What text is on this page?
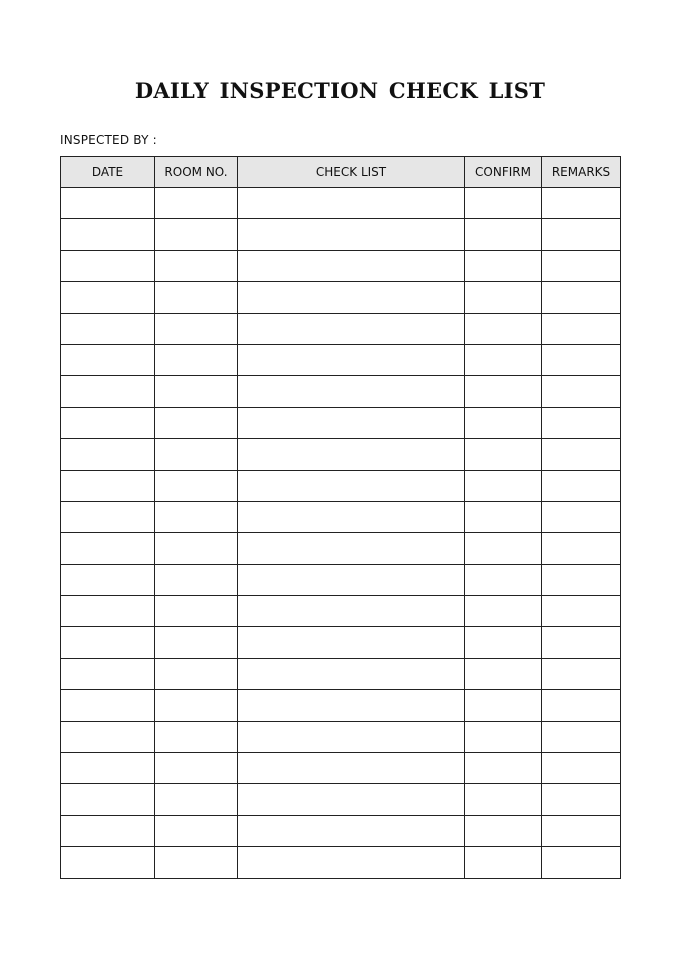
DAILY INSPECTION CHECK LIST
INSPECTED BY :
DATE	ROOM NO.	CHECK LIST	CONFIRM	REMARKS
